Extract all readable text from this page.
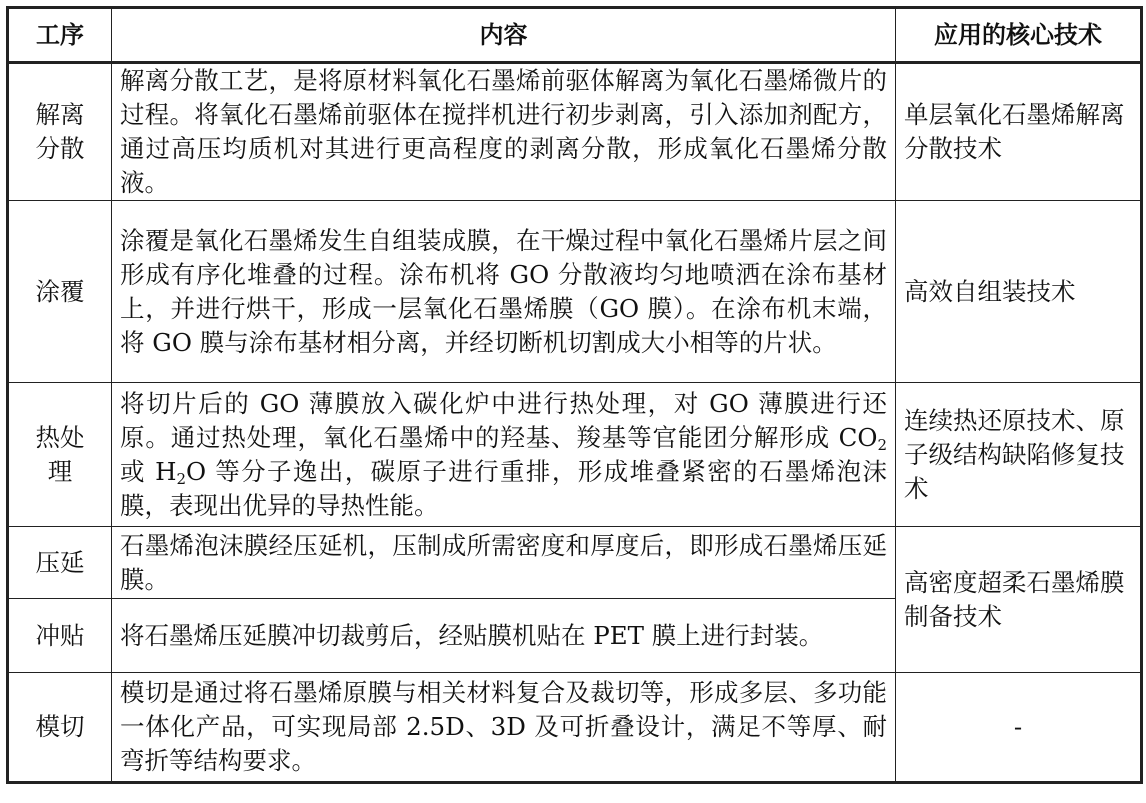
工序	内容	应用的核心技术

解离分散	解离分散工艺，是将原材料氧化石墨烯前驱体解离为氧化石墨烯微片的过程。将氧化石墨烯前驱体在搅拌机进行初步剥离，引入添加剂配方，通过高压均质机对其进行更高程度的剥离分散，形成氧化石墨烯分散液。	单层氧化石墨烯解离分散技术
涂覆	涂覆是氧化石墨烯发生自组装成膜，在干燥过程中氧化石墨烯片层之间形成有序化堆叠的过程。涂布机将 GO 分散液均匀地喷洒在涂布基材上，并进行烘干，形成一层氧化石墨烯膜（GO 膜）。在涂布机末端，将 GO 膜与涂布基材相分离，并经切断机切割成大小相等的片状。	高效自组装技术

热处理	将切片后的 GO 薄膜放入碳化炉中进行热处理，对 GO 薄膜进行还原。通过热处理，氧化石墨烯中的羟基、羧基等官能团分解形成 $CO_2$ 或 $H_2O$ 等分子逸出，碳原子进行重排，形成堆叠紧密的石墨烯泡沫膜，表现出优异的导热性能。	连续热还原技术、原子级结构缺陷修复技术
压延	石墨烯泡沫膜经压延机，压制成所需密度和厚度后，即形成石墨烯压延膜。	高密度超柔石墨烯膜制备技术
冲贴	将石墨烯压延膜冲切裁剪后，经贴膜机贴在 PET 膜上进行封装。	
模切	模切是通过将石墨烯原膜与相关材料复合及裁切等，形成多层、多功能一体化产品，可实现局部 2.5D、3D 及可折叠设计，满足不等厚、耐弯折等结构要求。	-
